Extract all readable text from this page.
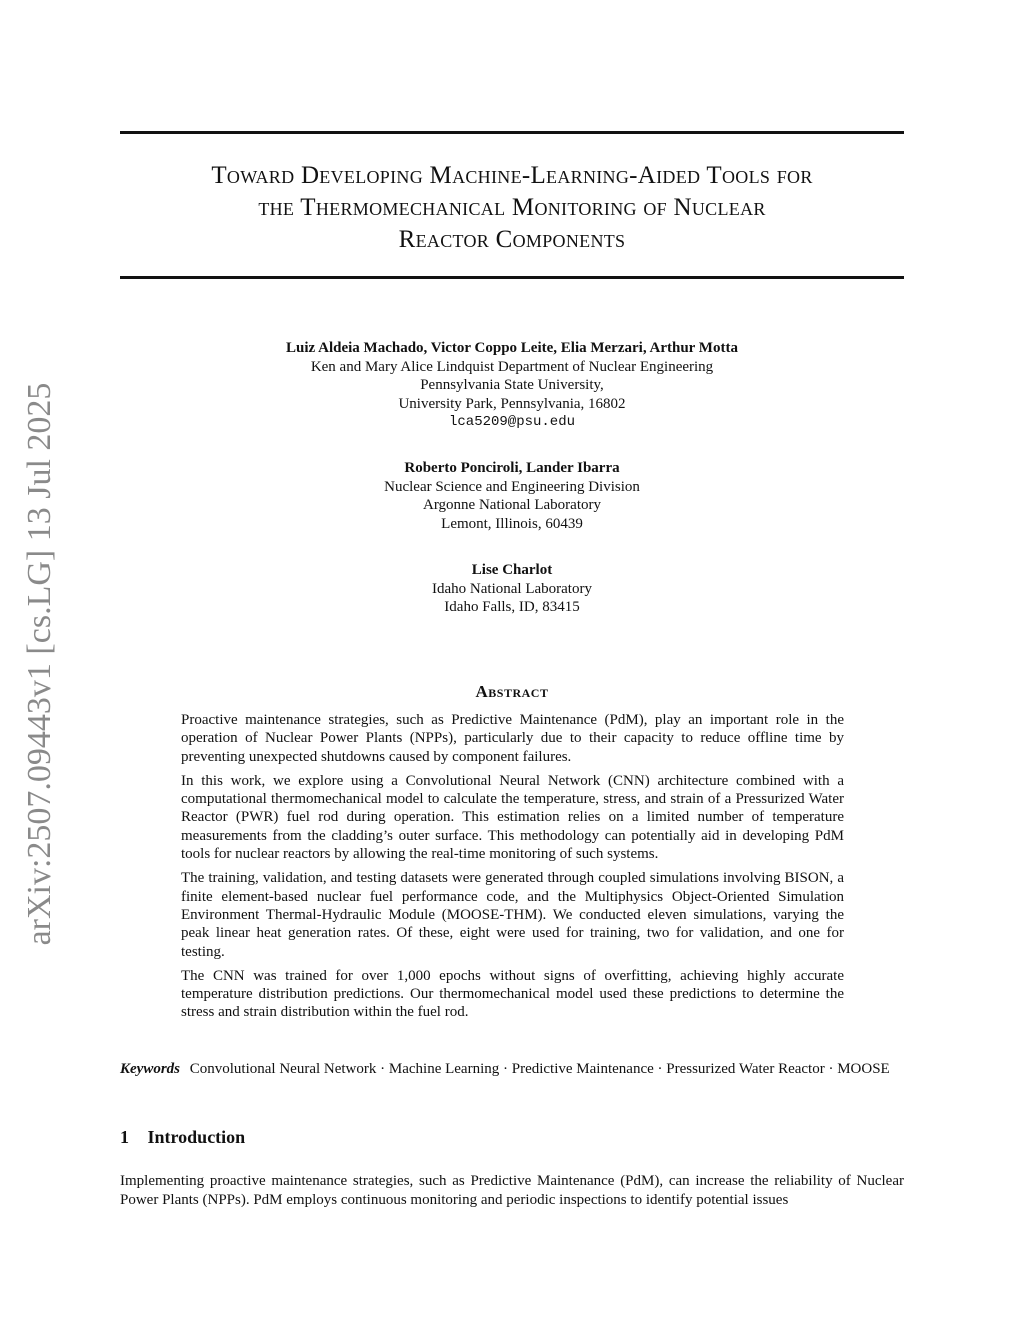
arXiv:2507.09443v1 [cs.LG] 13 Jul 2025
Toward Developing Machine-Learning-Aided Tools for
the Thermomechanical Monitoring of Nuclear
Reactor Components
Luiz Aldeia Machado, Victor Coppo Leite, Elia Merzari, Arthur Motta
Ken and Mary Alice Lindquist Department of Nuclear Engineering
Pennsylvania State University,
University Park, Pennsylvania, 16802
lca5209@psu.edu
Roberto Ponciroli, Lander Ibarra
Nuclear Science and Engineering Division
Argonne National Laboratory
Lemont, Illinois, 60439
Lise Charlot
Idaho National Laboratory
Idaho Falls, ID, 83415
Abstract

Proactive maintenance strategies, such as Predictive Maintenance (PdM), play an important role in the operation of Nuclear Power Plants (NPPs), particularly due to their capacity to reduce offline time by preventing unexpected shutdowns caused by component failures.

In this work, we explore using a Convolutional Neural Network (CNN) architecture combined with a computational thermomechanical model to calculate the temperature, stress, and strain of a Pressurized Water Reactor (PWR) fuel rod during operation. This estimation relies on a limited number of temperature measurements from the cladding’s outer surface. This methodology can potentially aid in developing PdM tools for nuclear reactors by allowing the real-time monitoring of such systems.

The training, validation, and testing datasets were generated through coupled simulations involving BISON, a finite element-based nuclear fuel performance code, and the Multiphysics Object-Oriented Simulation Environment Thermal-Hydraulic Module (MOOSE-THM). We conducted eleven simulations, varying the peak linear heat generation rates. Of these, eight were used for training, two for validation, and one for testing.

The CNN was trained for over 1,000 epochs without signs of overfitting, achieving highly accurate temperature distribution predictions. Our thermomechanical model used these predictions to determine the stress and strain distribution within the fuel rod.

Keywords Convolutional Neural Network · Machine Learning · Predictive Maintenance · Pressurized Water Reactor · MOOSE
1 Introduction
Implementing proactive maintenance strategies, such as Predictive Maintenance (PdM), can increase the reliability of Nuclear Power Plants (NPPs). PdM employs continuous monitoring and periodic inspections to identify potential issues
